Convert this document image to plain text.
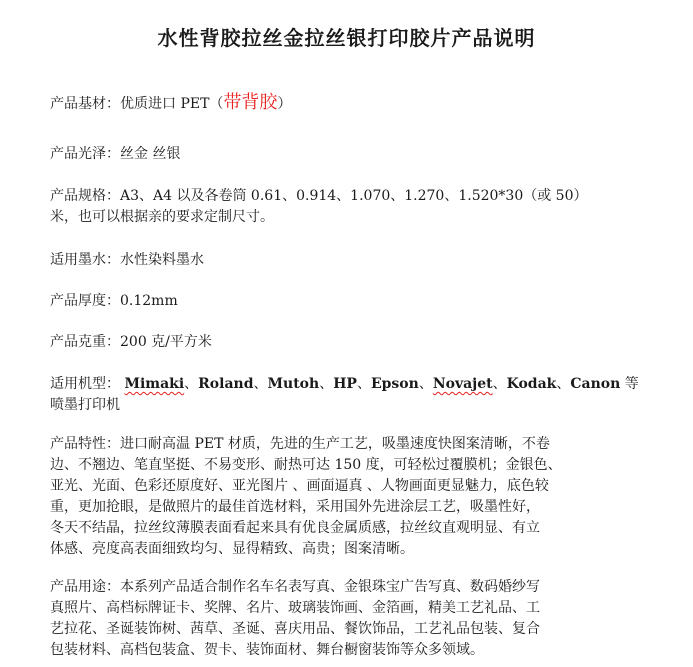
水性背胶拉丝金拉丝银打印胶片产品说明
产品基材：优质进口 PET（带背胶）
产品光泽：丝金 丝银

产品规格：A3、A4 以及各卷筒 0.61、0.914、1.070、1.270、1.520*30（或 50）

米，也可以根据亲的要求定制尺寸。

适用墨水：水性染料墨水
产品厚度：0.12mm
产品克重：200 克/平方米

适用机型： Mimaki、Roland、Mutoh、HP、Epson、Novajet、Kodak、Canon 等

喷墨打印机

产品特性：进口耐高温 PET 材质，先进的生产工艺，吸墨速度快图案清晰，不卷

边、不翘边、笔直坚挺、不易变形、耐热可达 150 度，可轻松过覆膜机；金银色、

亚光、光面、色彩还原度好、亚光图片 、画面逼真 、人物画面更显魅力，底色较

重，更加抢眼，是做照片的最佳首选材料，采用国外先进涂层工艺，吸墨性好，

冬天不结晶，拉丝纹薄膜表面看起来具有优良金属质感，拉丝纹直观明显、有立

体感、亮度高表面细致均匀、显得精致、高贵；图案清晰。

产品用途：本系列产品适合制作名车名表写真、金银珠宝广告写真、数码婚纱写

真照片、高档标牌证卡、奖牌、名片、玻璃装饰画、金箔画，精美工艺礼品、工

艺拉花、圣诞装饰树、茜草、圣诞、喜庆用品、餐饮饰品，工艺礼品包装、复合

包装材料、高档包装盒、贺卡、装饰面材、舞台橱窗装饰等众多领域。
